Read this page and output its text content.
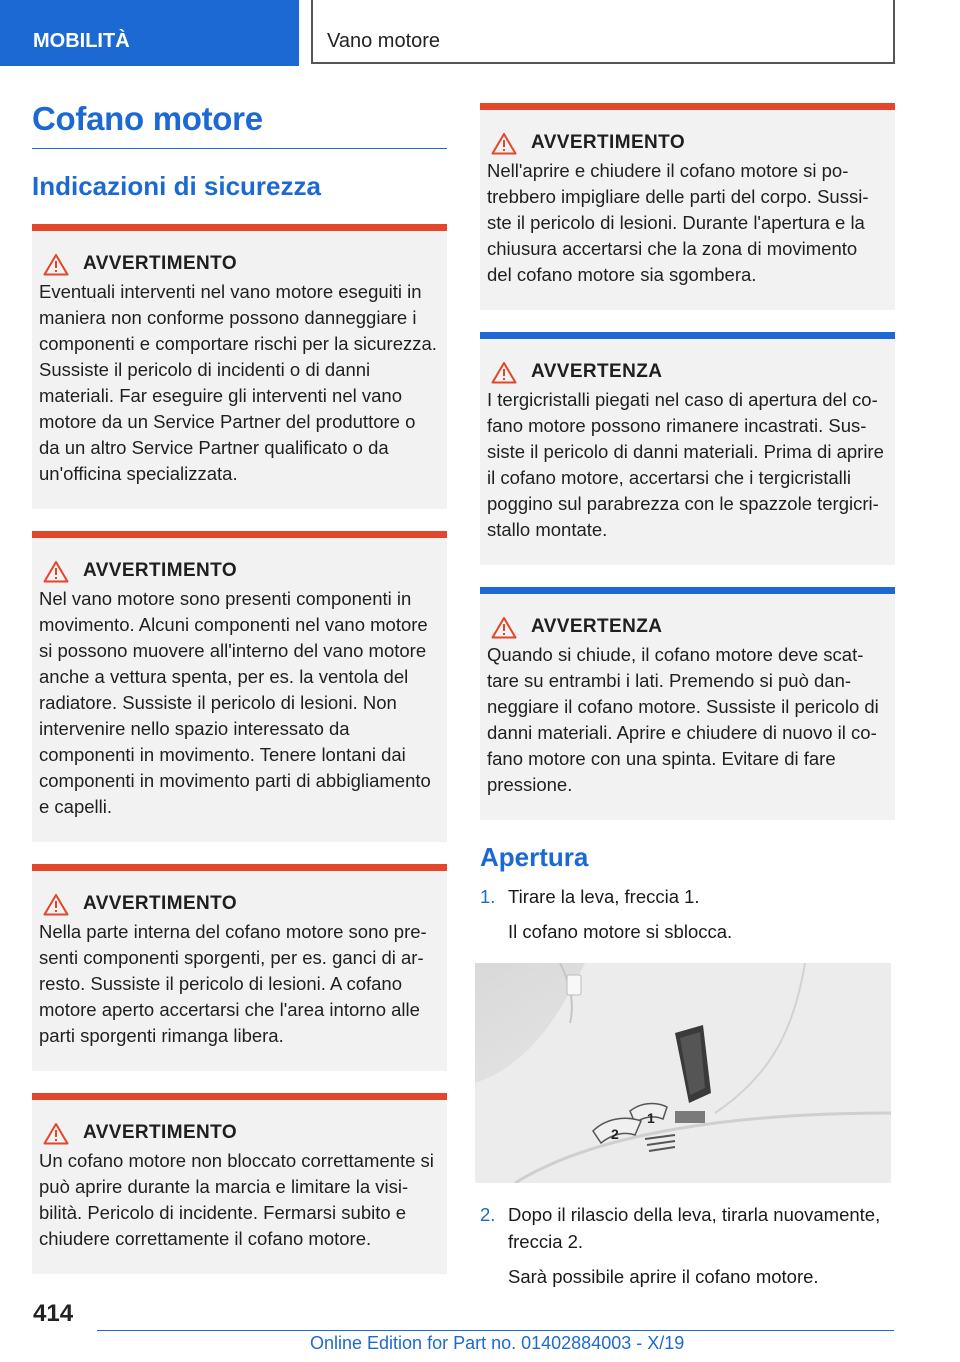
MOBILITÀ	Vano motore
Cofano motore
Indicazioni di sicurezza
AVVERTIMENTO

Eventuali interventi nel vano motore eseguiti in maniera non conforme possono danneggiare i componenti e comportare rischi per la sicurezza. Sussiste il pericolo di incidenti o di danni materiali. Far eseguire gli interventi nel vano motore da un Service Partner del produttore o da un altro Service Partner qualificato o da un'officina specializzata.

AVVERTIMENTO

Nel vano motore sono presenti componenti in movimento. Alcuni componenti nel vano motore si possono muovere all'interno del vano motore anche a vettura spenta, per es. la ventola del radiatore. Sussiste il pericolo di lesioni. Non intervenire nello spazio interessato da componenti in movimento. Tenere lontani dai componenti in movimento parti di abbigliamento e capelli.

AVVERTIMENTO

Nella parte interna del cofano motore sono presenti componenti sporgenti, per es. ganci di arresto. Sussiste il pericolo di lesioni. A cofano motore aperto accertarsi che l'area intorno alle parti sporgenti rimanga libera.

AVVERTIMENTO

Un cofano motore non bloccato correttamente si può aprire durante la marcia e limitare la visibilità. Pericolo di incidente. Fermarsi subito e chiudere correttamente il cofano motore.

AVVERTIMENTO

Nell'aprire e chiudere il cofano motore si potrebbero impigliare delle parti del corpo. Sussiste il pericolo di lesioni. Durante l'apertura e la chiusura accertarsi che la zona di movimento del cofano motore sia sgombera.

AVVERTENZA

I tergicristalli piegati nel caso di apertura del cofano motore possono rimanere incastrati. Sussiste il pericolo di danni materiali. Prima di aprire il cofano motore, accertarsi che i tergicristalli poggino sul parabrezza con le spazzole tergicristallo montate.

AVVERTENZA

Quando si chiude, il cofano motore deve scattare su entrambi i lati. Premendo si può danneggiare il cofano motore. Sussiste il pericolo di danni materiali. Aprire e chiudere di nuovo il cofano motore con una spinta. Evitare di fare pressione.

Apertura
1. Tirare la leva, freccia 1.
Il cofano motore si sblocca.
1
2
2. Dopo il rilascio della leva, tirarla nuovamente, freccia 2.
Sarà possibile aprire il cofano motore.
414
Online Edition for Part no. 01402884003 - X/19
